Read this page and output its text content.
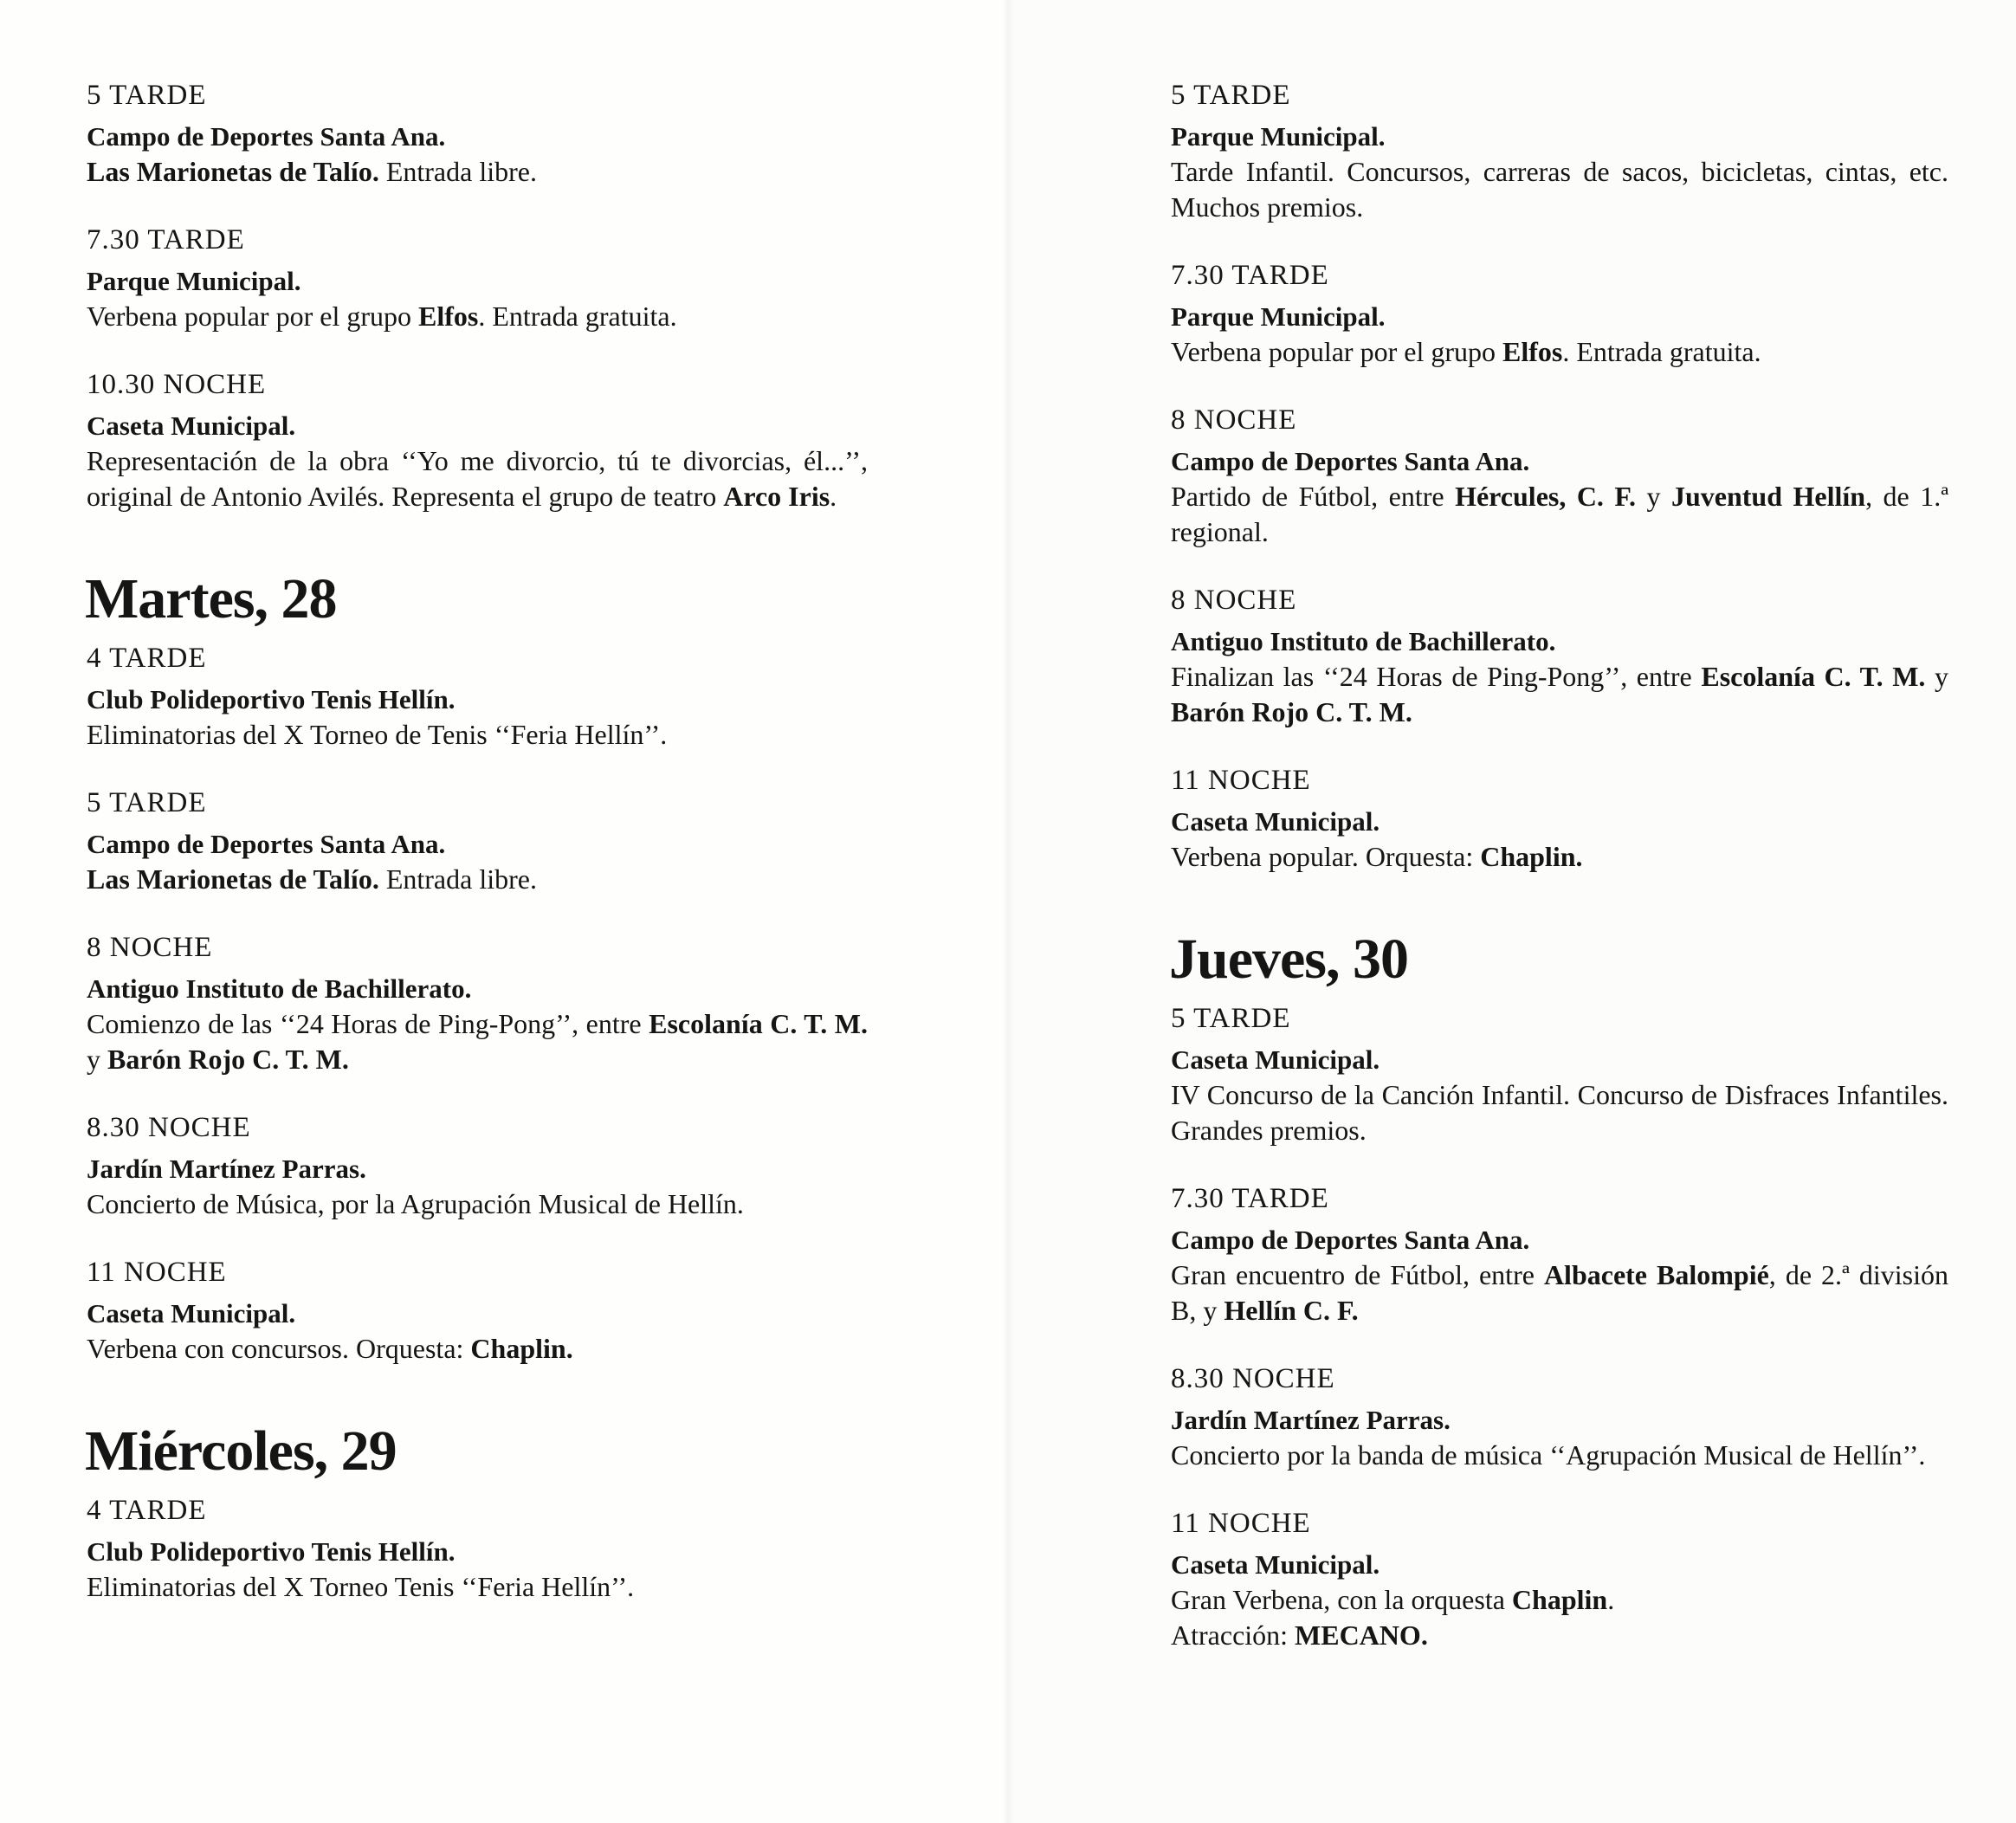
5 TARDE
Campo de Deportes Santa Ana.
Las Marionetas de Talío. Entrada libre.
7.30 TARDE
Parque Municipal.
Verbena popular por el grupo Elfos. Entrada gratuita.
10.30 NOCHE
Caseta Municipal.
Representación de la obra ‘‘Yo me divorcio, tú te divorcias, él...’’, original de Antonio Avilés. Representa el grupo de teatro Arco Iris.
Martes, 28
4 TARDE
Club Polideportivo Tenis Hellín.
Eliminatorias del X Torneo de Tenis ‘‘Feria Hellín’’.
5 TARDE
Campo de Deportes Santa Ana.
Las Marionetas de Talío. Entrada libre.
8 NOCHE
Antiguo Instituto de Bachillerato.
Comienzo de las ‘‘24 Horas de Ping-Pong’’, entre Escolanía C. T. M. y Barón Rojo C. T. M.
8.30 NOCHE
Jardín Martínez Parras.
Concierto de Música, por la Agrupación Musical de Hellín.
11 NOCHE
Caseta Municipal.
Verbena con concursos. Orquesta: Chaplin.
Miércoles, 29
4 TARDE
Club Polideportivo Tenis Hellín.
Eliminatorias del X Torneo Tenis ‘‘Feria Hellín’’.
5 TARDE
Parque Municipal.
Tarde Infantil. Concursos, carreras de sacos, bicicletas, cintas, etc. Muchos premios.
7.30 TARDE
Parque Municipal.
Verbena popular por el grupo Elfos. Entrada gratuita.
8 NOCHE
Campo de Deportes Santa Ana.
Partido de Fútbol, entre Hércules, C. F. y Juventud Hellín, de 1.ª regional.
8 NOCHE
Antiguo Instituto de Bachillerato.
Finalizan las ‘‘24 Horas de Ping-Pong’’, entre Escolanía C. T. M. y Barón Rojo C. T. M.
11 NOCHE
Caseta Municipal.
Verbena popular. Orquesta: Chaplin.
Jueves, 30
5 TARDE
Caseta Municipal.
IV Concurso de la Canción Infantil. Concurso de Disfraces Infantiles. Grandes premios.
7.30 TARDE
Campo de Deportes Santa Ana.
Gran encuentro de Fútbol, entre Albacete Balompié, de 2.ª división B, y Hellín C. F.
8.30 NOCHE
Jardín Martínez Parras.
Concierto por la banda de música ‘‘Agrupación Musical de Hellín’’.
11 NOCHE
Caseta Municipal.
Gran Verbena, con la orquesta Chaplin.
Atracción: MECANO.
